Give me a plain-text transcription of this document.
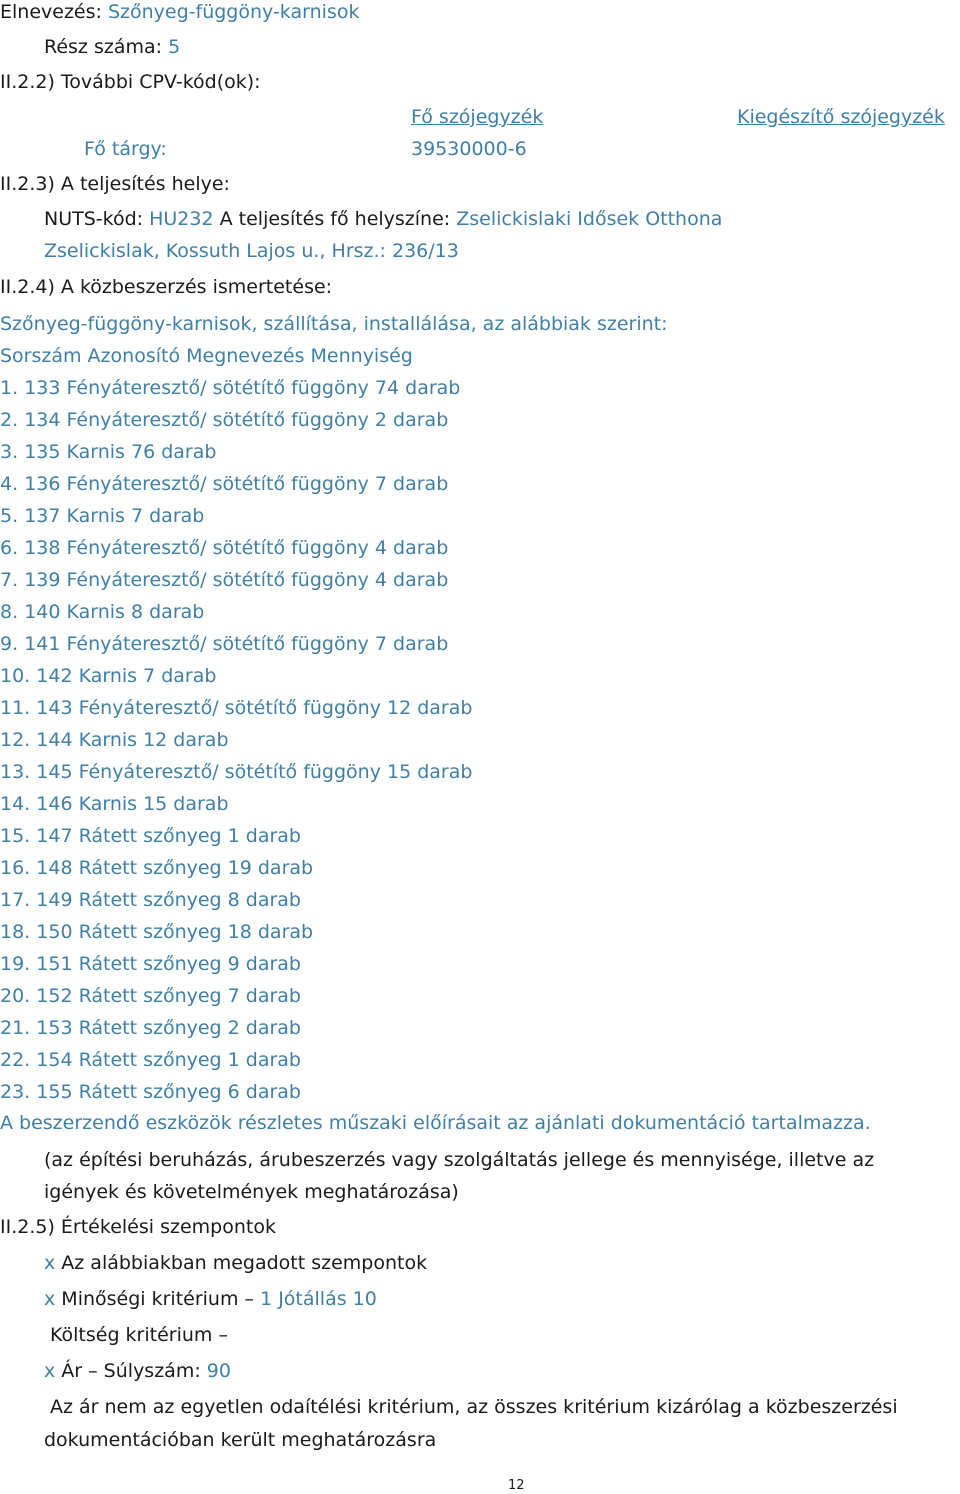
Elnevezés: Szőnyeg-függöny-karnisok
Rész száma: 5
II.2.2) További CPV-kód(ok):
Fő szójegyzék	Kiegészítő szójegyzék
Fő tárgy:	39530000-6
II.2.3) A teljesítés helye:
NUTS-kód: HU232 A teljesítés fő helyszíne: Zselickislaki Idősek Otthona
Zselickislak, Kossuth Lajos u., Hrsz.: 236/13
II.2.4) A közbeszerzés ismertetése:
Szőnyeg-függöny-karnisok, szállítása, installálása, az alábbiak szerint:
Sorszám Azonosító Megnevezés Mennyiség
1. 133 Fényáteresztő/ sötétítő függöny 74 darab
2. 134 Fényáteresztő/ sötétítő függöny 2 darab
3. 135 Karnis 76 darab
4. 136 Fényáteresztő/ sötétítő függöny 7 darab
5. 137 Karnis 7 darab
6. 138 Fényáteresztő/ sötétítő függöny 4 darab
7. 139 Fényáteresztő/ sötétítő függöny 4 darab
8. 140 Karnis 8 darab
9. 141 Fényáteresztő/ sötétítő függöny 7 darab
10. 142 Karnis 7 darab
11. 143 Fényáteresztő/ sötétítő függöny 12 darab
12. 144 Karnis 12 darab
13. 145 Fényáteresztő/ sötétítő függöny 15 darab
14. 146 Karnis 15 darab
15. 147 Rátett szőnyeg 1 darab
16. 148 Rátett szőnyeg 19 darab
17. 149 Rátett szőnyeg 8 darab
18. 150 Rátett szőnyeg 18 darab
19. 151 Rátett szőnyeg 9 darab
20. 152 Rátett szőnyeg 7 darab
21. 153 Rátett szőnyeg 2 darab
22. 154 Rátett szőnyeg 1 darab
23. 155 Rátett szőnyeg 6 darab
A beszerzendő eszközök részletes műszaki előírásait az ajánlati dokumentáció tartalmazza.
(az építési beruházás, árubeszerzés vagy szolgáltatás jellege és mennyisége, illetve az
igények és követelmények meghatározása)
II.2.5) Értékelési szempontok
x Az alábbiakban megadott szempontok
x Minőségi kritérium – 1 Jótállás 10
Költség kritérium –
x Ár – Súlyszám: 90
Az ár nem az egyetlen odaítélési kritérium, az összes kritérium kizárólag a közbeszerzési
dokumentációban került meghatározásra
12
